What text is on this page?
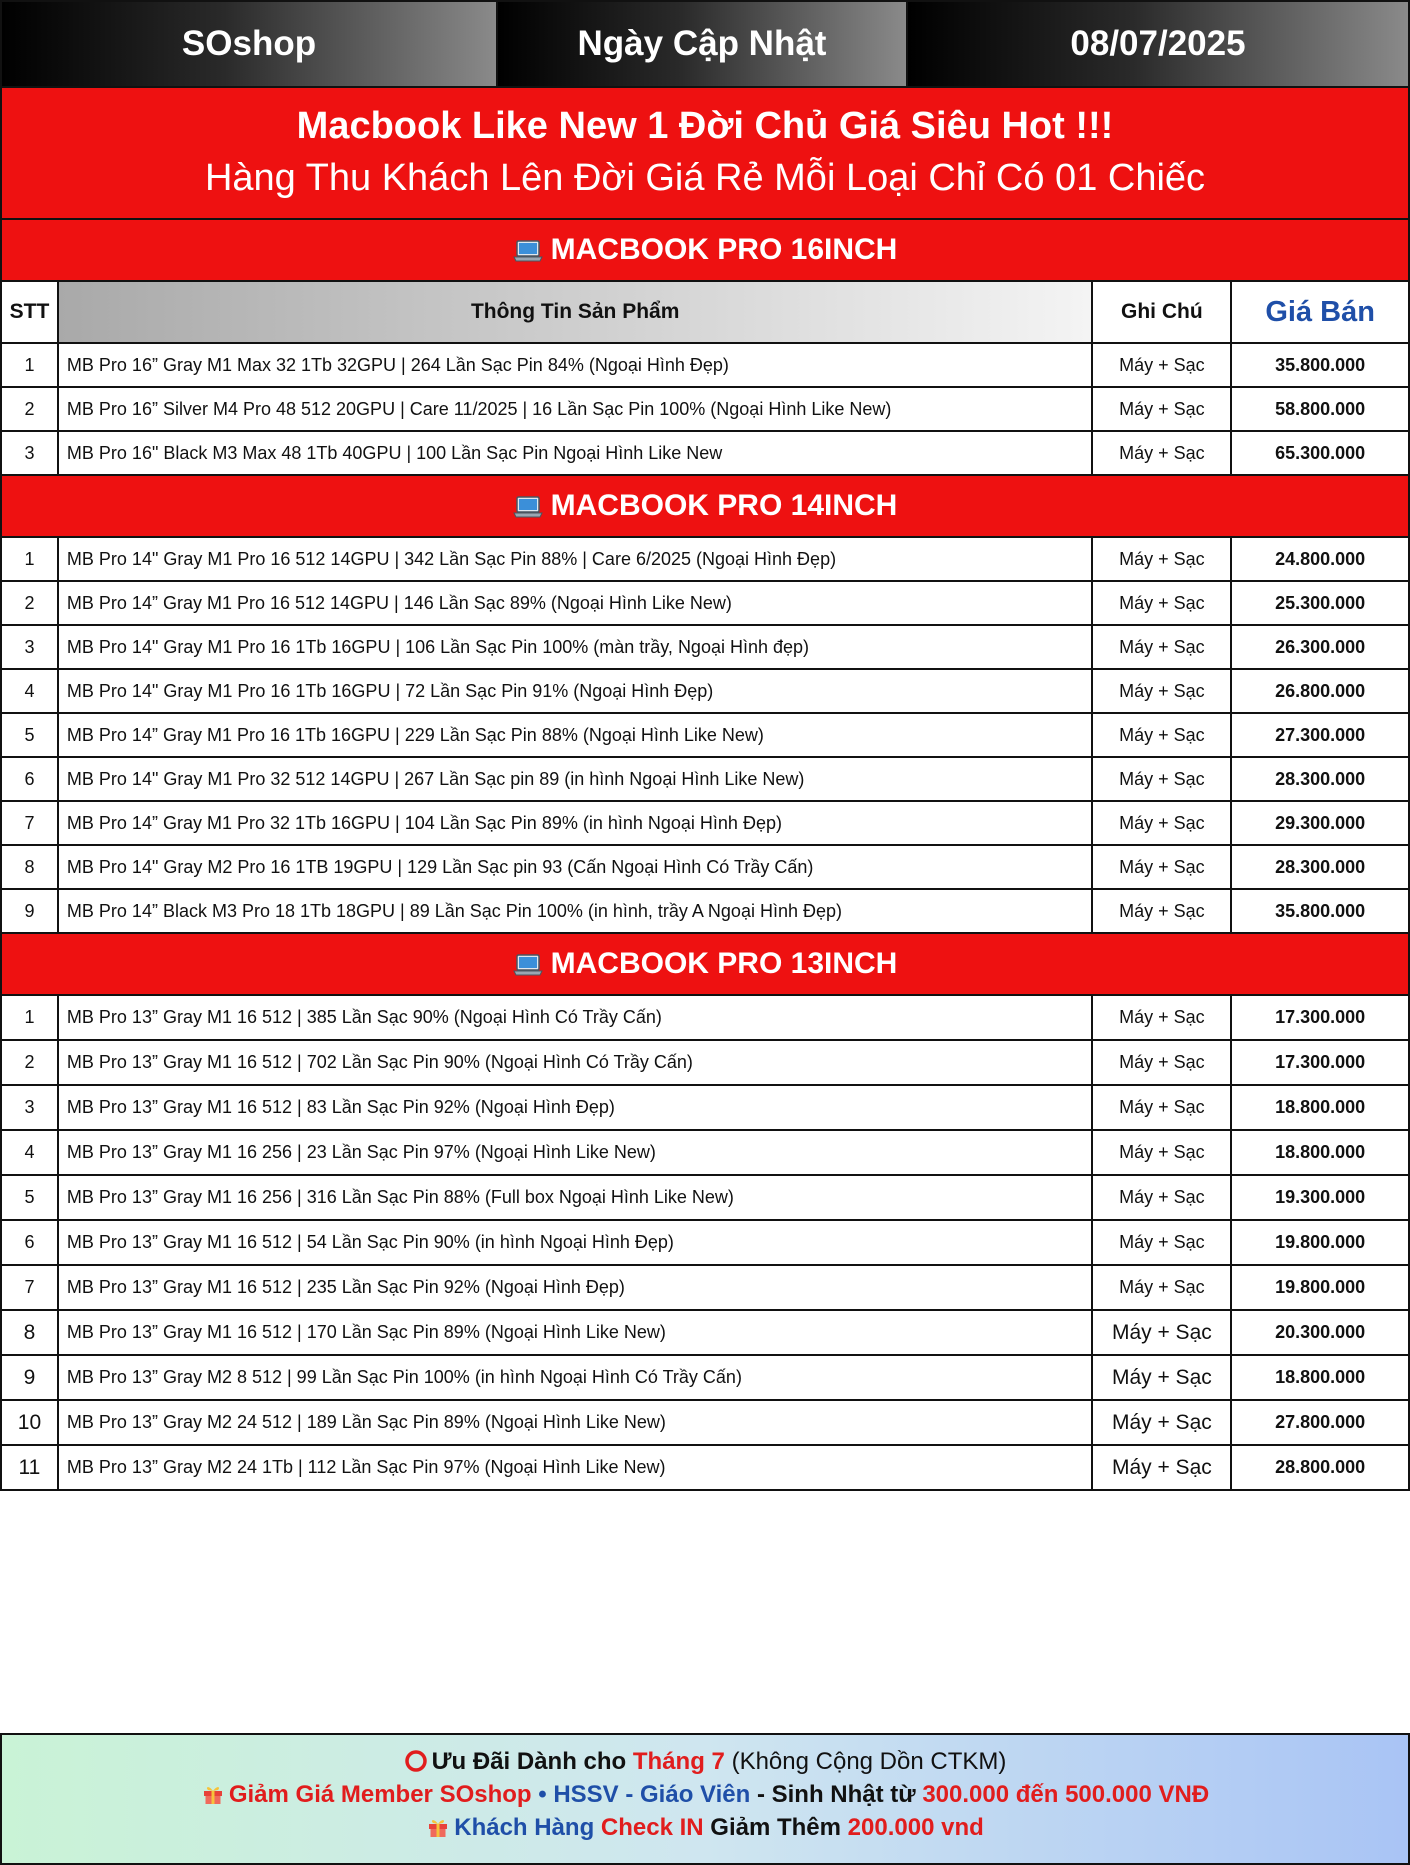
SOshop	Ngày Cập Nhật	08/07/2025
Macbook Like New 1 Đời Chủ Giá Siêu Hot !!!
Hàng Thu Khách Lên Đời Giá Rẻ Mỗi Loại Chỉ Có 01 Chiếc
MACBOOK PRO 16INCH
STT	Thông Tin Sản Phẩm	Ghi Chú	Giá Bán
1	MB Pro 16” Gray M1 Max 32 1Tb 32GPU | 264 Lần Sạc Pin 84% (Ngoại Hình Đẹp)	Máy + Sạc	35.800.000
2	MB Pro 16” Silver M4 Pro 48 512 20GPU | Care 11/2025 | 16 Lần Sạc Pin 100% (Ngoại Hình Like New)	Máy + Sạc	58.800.000
3	MB Pro 16" Black M3 Max 48 1Tb 40GPU | 100 Lần Sạc Pin Ngoại Hình Like New	Máy + Sạc	65.300.000
MACBOOK PRO 14INCH
1	MB Pro 14" Gray M1 Pro 16 512 14GPU | 342 Lần Sạc Pin 88% | Care 6/2025 (Ngoại Hình Đẹp)	Máy + Sạc	24.800.000
2	MB Pro 14” Gray M1 Pro 16 512 14GPU | 146 Lần Sạc 89% (Ngoại Hình Like New)	Máy + Sạc	25.300.000
3	MB Pro 14" Gray M1 Pro 16 1Tb 16GPU | 106 Lần Sạc Pin 100% (màn trầy, Ngoại Hình đẹp)	Máy + Sạc	26.300.000
4	MB Pro 14" Gray M1 Pro 16 1Tb 16GPU | 72 Lần Sạc Pin 91% (Ngoại Hình Đẹp)	Máy + Sạc	26.800.000
5	MB Pro 14” Gray M1 Pro 16 1Tb 16GPU | 229 Lần Sạc Pin 88% (Ngoại Hình Like New)	Máy + Sạc	27.300.000
6	MB Pro 14" Gray M1 Pro 32 512 14GPU | 267 Lần Sạc pin 89 (in hình Ngoại Hình Like New)	Máy + Sạc	28.300.000
7	MB Pro 14” Gray M1 Pro 32 1Tb 16GPU | 104 Lần Sạc Pin 89% (in hình Ngoại Hình Đẹp)	Máy + Sạc	29.300.000
8	MB Pro 14" Gray M2 Pro 16 1TB 19GPU | 129 Lần Sạc pin 93 (Cấn Ngoại Hình Có Trầy Cấn)	Máy + Sạc	28.300.000
9	MB Pro 14” Black M3 Pro 18 1Tb 18GPU | 89 Lần Sạc Pin 100% (in hình, trầy A Ngoại Hình Đẹp)	Máy + Sạc	35.800.000
MACBOOK PRO 13INCH
1	MB Pro 13” Gray M1 16 512 | 385 Lần Sạc 90% (Ngoại Hình Có Trầy Cấn)	Máy + Sạc	17.300.000
2	MB Pro 13” Gray M1 16 512 | 702 Lần Sạc Pin 90% (Ngoại Hình Có Trầy Cấn)	Máy + Sạc	17.300.000
3	MB Pro 13” Gray M1 16 512 | 83 Lần Sạc Pin 92% (Ngoại Hình Đẹp)	Máy + Sạc	18.800.000
4	MB Pro 13” Gray M1 16 256 | 23 Lần Sạc Pin 97% (Ngoại Hình Like New)	Máy + Sạc	18.800.000
5	MB Pro 13” Gray M1 16 256 | 316 Lần Sạc Pin 88% (Full box Ngoại Hình Like New)	Máy + Sạc	19.300.000
6	MB Pro 13” Gray M1 16 512 | 54 Lần Sạc Pin 90% (in hình Ngoại Hình Đẹp)	Máy + Sạc	19.800.000
7	MB Pro 13” Gray M1 16 512 | 235 Lần Sạc Pin 92% (Ngoại Hình Đẹp)	Máy + Sạc	19.800.000
8	MB Pro 13” Gray M1 16 512 | 170 Lần Sạc Pin 89% (Ngoại Hình Like New)	Máy + Sạc	20.300.000
9	MB Pro 13” Gray M2 8 512 | 99 Lần Sạc Pin 100% (in hình Ngoại Hình Có Trầy Cấn)	Máy + Sạc	18.800.000
10	MB Pro 13” Gray M2 24 512 | 189 Lần Sạc Pin 89% (Ngoại Hình Like New)	Máy + Sạc	27.800.000
11	MB Pro 13” Gray M2 24 1Tb | 112 Lần Sạc Pin 97% (Ngoại Hình Like New)	Máy + Sạc	28.800.000
Ưu Đãi Dành cho Tháng 7 (Không Cộng Dồn CTKM)
Giảm Giá Member SOshop • HSSV - Giáo Viên - Sinh Nhật từ 300.000 đến 500.000 VNĐ
Khách Hàng Check IN Giảm Thêm 200.000 vnd
